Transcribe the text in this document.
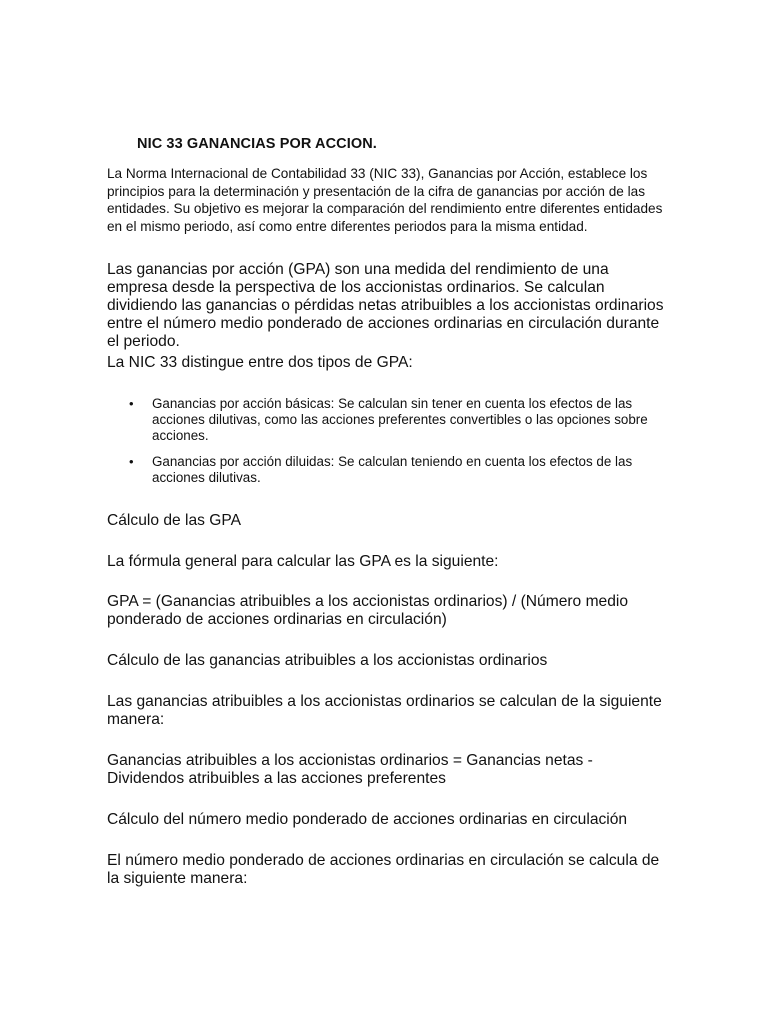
NIC 33 GANANCIAS POR ACCION.

La Norma Internacional de Contabilidad 33 (NIC 33), Ganancias por Acción, establece los principios para la determinación y presentación de la cifra de ganancias por acción de las entidades. Su objetivo es mejorar la comparación del rendimiento entre diferentes entidades en el mismo periodo, así como entre diferentes periodos para la misma entidad.

Las ganancias por acción (GPA) son una medida del rendimiento de una empresa desde la perspectiva de los accionistas ordinarios. Se calculan dividiendo las ganancias o pérdidas netas atribuibles a los accionistas ordinarios entre el número medio ponderado de acciones ordinarias en circulación durante el periodo.

La NIC 33 distingue entre dos tipos de GPA:

• Ganancias por acción básicas: Se calculan sin tener en cuenta los efectos de las acciones dilutivas, como las acciones preferentes convertibles o las opciones sobre acciones.
• Ganancias por acción diluidas: Se calculan teniendo en cuenta los efectos de las acciones dilutivas.

Cálculo de las GPA

La fórmula general para calcular las GPA es la siguiente:

GPA = (Ganancias atribuibles a los accionistas ordinarios) / (Número medio ponderado de acciones ordinarias en circulación)

Cálculo de las ganancias atribuibles a los accionistas ordinarios

Las ganancias atribuibles a los accionistas ordinarios se calculan de la siguiente manera:

Ganancias atribuibles a los accionistas ordinarios = Ganancias netas - Dividendos atribuibles a las acciones preferentes

Cálculo del número medio ponderado de acciones ordinarias en circulación

El número medio ponderado de acciones ordinarias en circulación se calcula de la siguiente manera:
